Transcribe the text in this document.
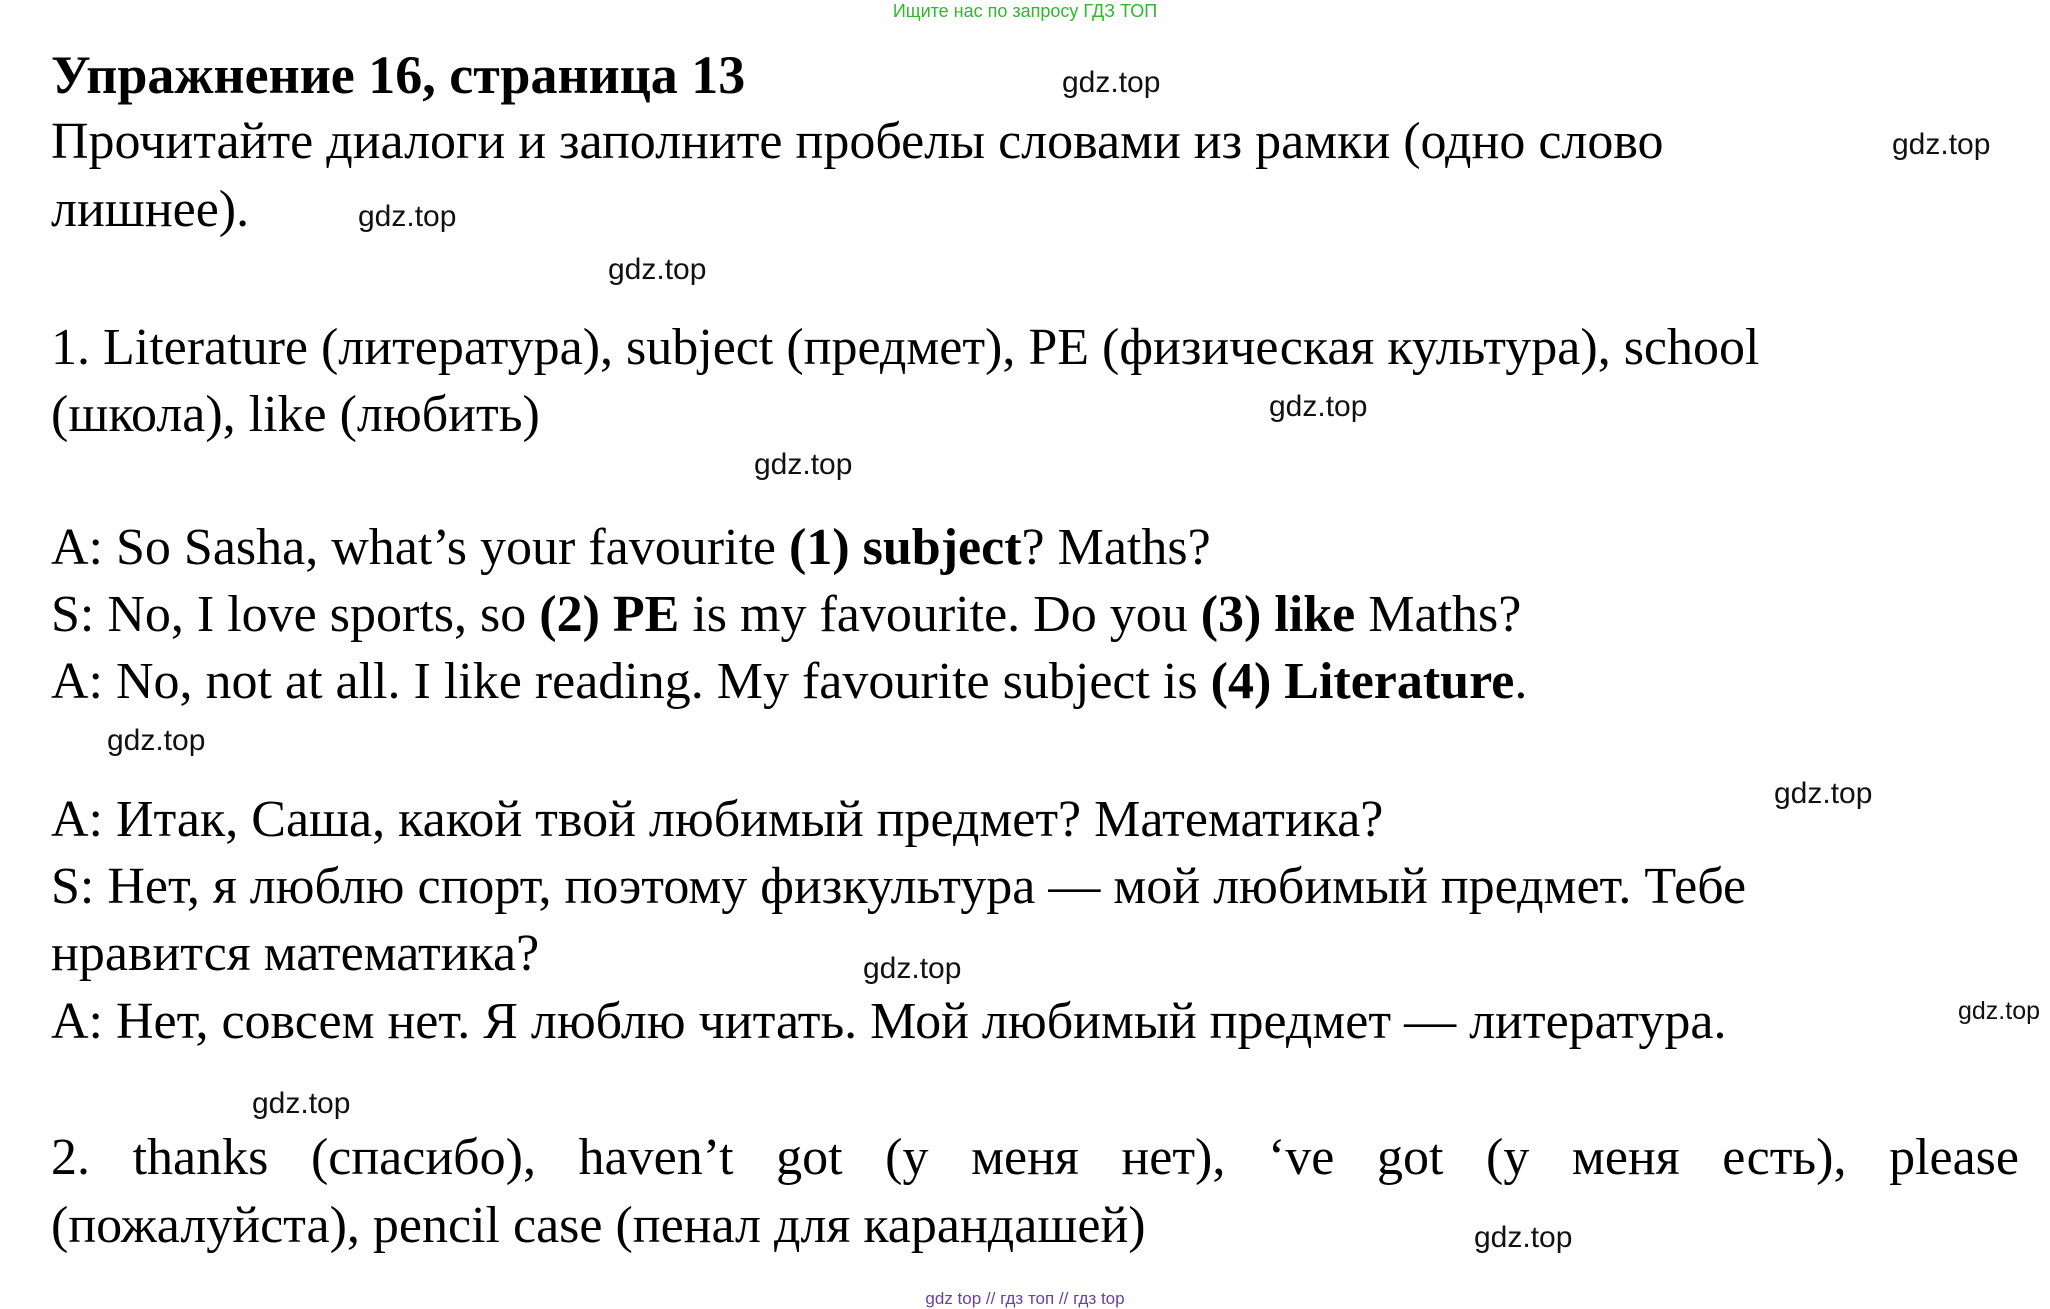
Ищите нас по запросу ГДЗ ТОП
Упражнение 16, страница 13
Прочитайте диалоги и заполните пробелы словами из рамки (одно слово
лишнее).
1. Literature (литература), subject (предмет), PE (физическая культура), school
(школа), like (любить)
A: So Sasha, what’s your favourite (1) subject? Maths?
S: No, I love sports, so (2) PE is my favourite. Do you (3) like Maths?
A: No, not at all. I like reading. My favourite subject is (4) Literature.
A: Итак, Саша, какой твой любимый предмет? Математика?
S: Нет, я люблю спорт, поэтому физкультура — мой любимый предмет. Тебе
нравится математика?
A: Нет, совсем нет. Я люблю читать. Мой любимый предмет — литература.
2. thanks (спасибо), haven’t got (у меня нет), ‘ve got (у меня есть), please
(пожалуйста), pencil case (пенал для карандашей)
gdz.top
gdz.top
gdz.top
gdz.top
gdz.top
gdz.top
gdz.top
gdz.top
gdz.top
gdz.top
gdz.top
gdz.top
gdz top // гдз топ // гдз top
